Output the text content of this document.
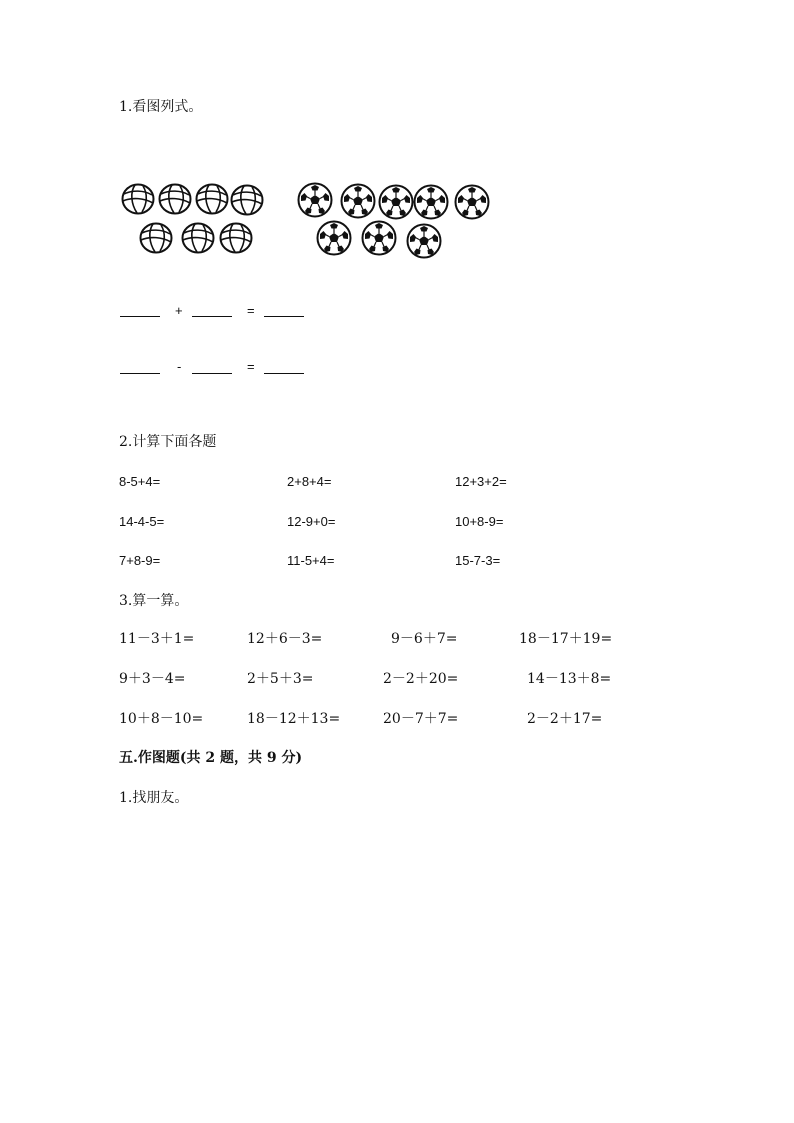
1.看图列式。
+	=
-	=
2.计算下面各题
8-5+4=	2+8+4=	12+3+2=
14-4-5=	12-9+0=	10+8-9=
7+8-9=	11-5+4=	15-7-3=
3.算一算。
11－3＋1=	12＋6－3=	9－6＋7=	18－17＋19=
9＋3－4=	2＋5＋3=	2－2＋20=	14－13＋8=
10＋8－10=	18－12＋13=	20－7＋7=	2－2＋17=
五.作图题(共 2 题，共 9 分)
1.找朋友。
